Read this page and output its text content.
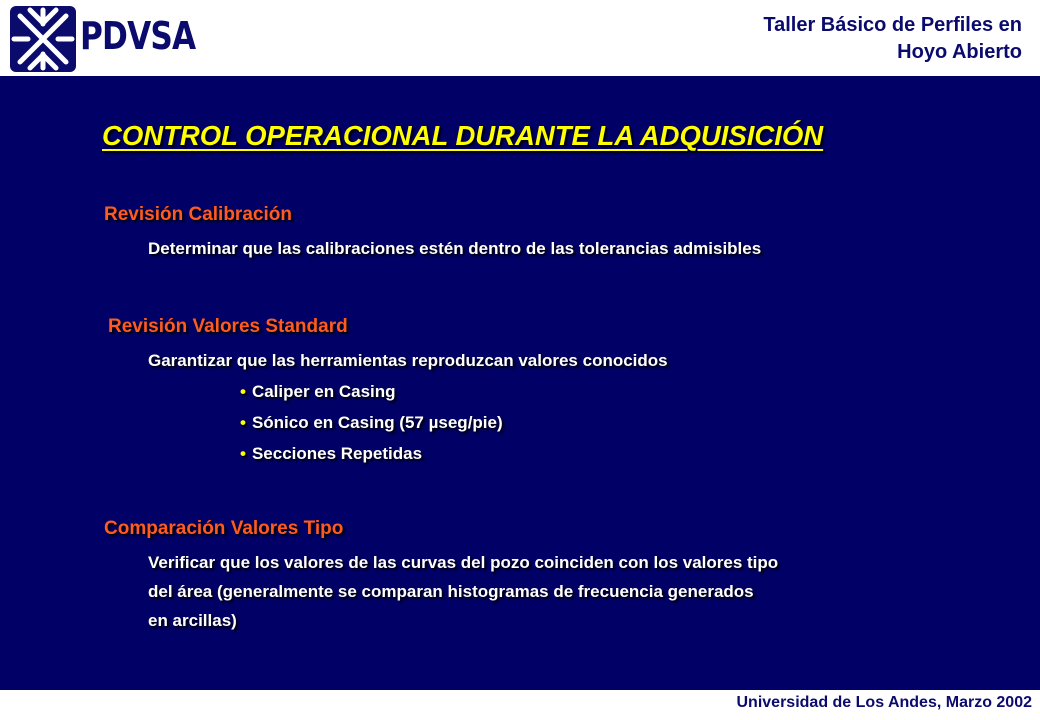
PDVSA	Taller Básico de Perfiles en
Hoyo Abierto
CONTROL OPERACIONAL DURANTE LA ADQUISICIÓN
Revisión Calibración
Determinar que las calibraciones estén dentro de las tolerancias admisibles
Revisión Valores Standard
Garantizar que las herramientas reproduzcan valores conocidos
• Caliper en Casing
• Sónico en Casing (57 µseg/pie)
• Secciones Repetidas
Comparación Valores Tipo
Verificar que los valores de las curvas del pozo coinciden con los valores tipo
del área (generalmente se comparan histogramas de frecuencia generados
en arcillas)
Universidad de Los Andes, Marzo 2002
